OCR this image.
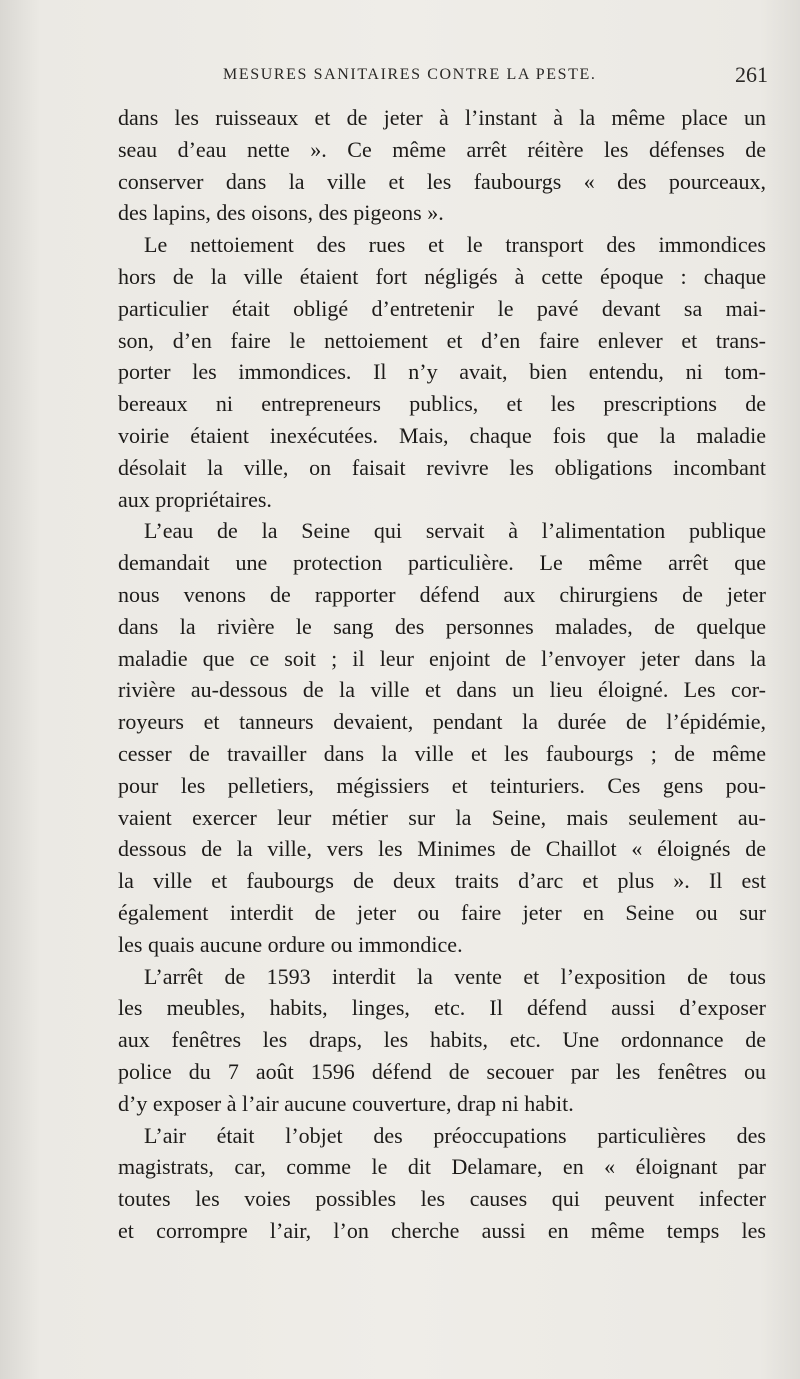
MESURES SANITAIRES CONTRE LA PESTE.	261
dans les ruisseaux et de jeter à l’instant à la même place un
seau d’eau nette ». Ce même arrêt réitère les défenses de
conserver dans la ville et les faubourgs « des pourceaux,
des lapins, des oisons, des pigeons ».
Le nettoiement des rues et le transport des immondices
hors de la ville étaient fort négligés à cette époque : chaque
particulier était obligé d’entretenir le pavé devant sa mai-
son, d’en faire le nettoiement et d’en faire enlever et trans-
porter les immondices. Il n’y avait, bien entendu, ni tom-
bereaux ni entrepreneurs publics, et les prescriptions de
voirie étaient inexécutées. Mais, chaque fois que la maladie
désolait la ville, on faisait revivre les obligations incombant
aux propriétaires.
L’eau de la Seine qui servait à l’alimentation publique
demandait une protection particulière. Le même arrêt que
nous venons de rapporter défend aux chirurgiens de jeter
dans la rivière le sang des personnes malades, de quelque
maladie que ce soit ; il leur enjoint de l’envoyer jeter dans la
rivière au-dessous de la ville et dans un lieu éloigné. Les cor-
royeurs et tanneurs devaient, pendant la durée de l’épidémie,
cesser de travailler dans la ville et les faubourgs ; de même
pour les pelletiers, mégissiers et teinturiers. Ces gens pou-
vaient exercer leur métier sur la Seine, mais seulement au-
dessous de la ville, vers les Minimes de Chaillot « éloignés de
la ville et faubourgs de deux traits d’arc et plus ». Il est
également interdit de jeter ou faire jeter en Seine ou sur
les quais aucune ordure ou immondice.
L’arrêt de 1593 interdit la vente et l’exposition de tous
les meubles, habits, linges, etc. Il défend aussi d’exposer
aux fenêtres les draps, les habits, etc. Une ordonnance de
police du 7 août 1596 défend de secouer par les fenêtres ou
d’y exposer à l’air aucune couverture, drap ni habit.
L’air était l’objet des préoccupations particulières des
magistrats, car, comme le dit Delamare, en « éloignant par
toutes les voies possibles les causes qui peuvent infecter
et corrompre l’air, l’on cherche aussi en même temps les
